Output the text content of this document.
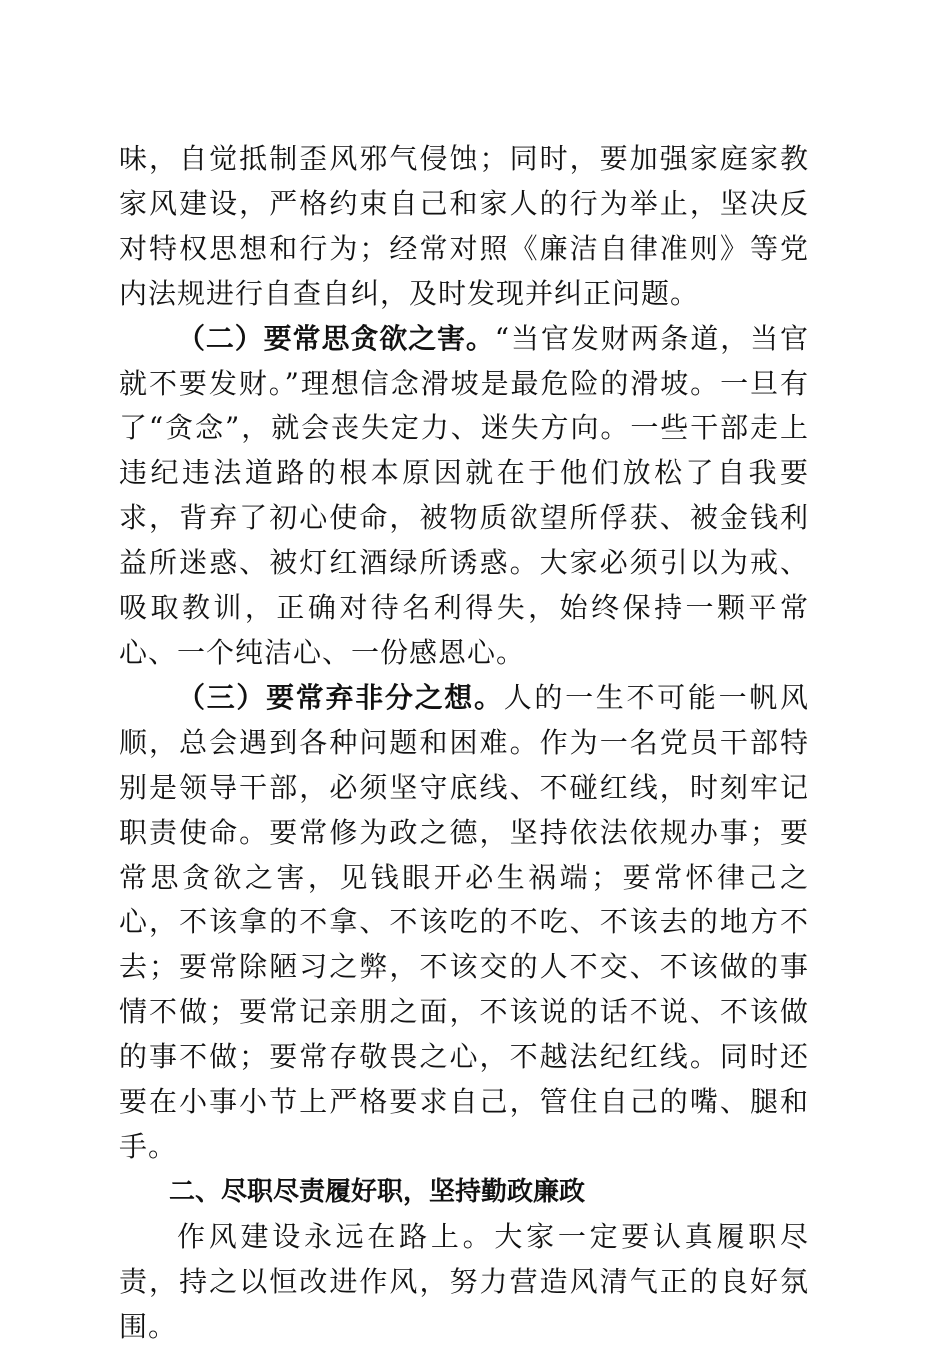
味，自觉抵制歪风邪气侵蚀；同时，要加强家庭家教家风建设，严格约束自己和家人的行为举止，坚决反对特权思想和行为；经常对照《廉洁自律准则》等党内法规进行自查自纠，及时发现并纠正问题。

（二）要常思贪欲之害。“当官发财两条道，当官就不要发财。”理想信念滑坡是最危险的滑坡。一旦有了“贪念”，就会丧失定力、迷失方向。一些干部走上违纪违法道路的根本原因就在于他们放松了自我要求，背弃了初心使命，被物质欲望所俘获、被金钱利益所迷惑、被灯红酒绿所诱惑。大家必须引以为戒、吸取教训，正确对待名利得失，始终保持一颗平常心、一个纯洁心、一份感恩心。

（三）要常弃非分之想。人的一生不可能一帆风顺，总会遇到各种问题和困难。作为一名党员干部特别是领导干部，必须坚守底线、不碰红线，时刻牢记职责使命。要常修为政之德，坚持依法依规办事；要常思贪欲之害，见钱眼开必生祸端；要常怀律己之心，不该拿的不拿、不该吃的不吃、不该去的地方不去；要常除陋习之弊，不该交的人不交、不该做的事情不做；要常记亲朋之面，不该说的话不说、不该做的事不做；要常存敬畏之心，不越法纪红线。同时还要在小事小节上严格要求自己，管住自己的嘴、腿和手。

二、尽职尽责履好职，坚持勤政廉政

作风建设永远在路上。大家一定要认真履职尽责，持之以恒改进作风，努力营造风清气正的良好氛围。
